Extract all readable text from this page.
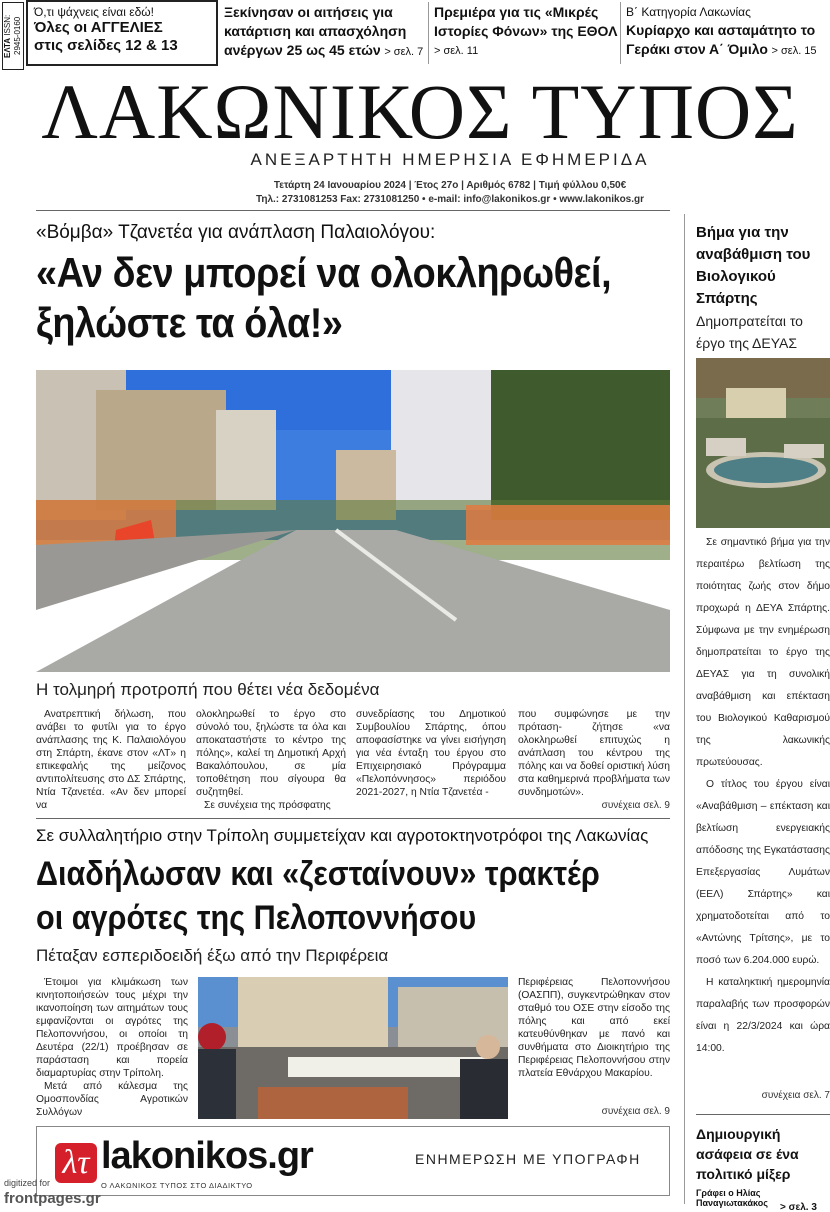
ΕΛΤΑ ISSN: 2945-0160
Ό,τι ψάχνεις είναι εδώ!
Όλες οι ΑΓΓΕΛΙΕΣ
στις σελίδες 12 & 13
Ξεκίνησαν οι αιτήσεις για κατάρτιση και απασχόληση ανέργων 25 ως 45 ετών > σελ. 7
Πρεμιέρα για τις «Μικρές Ιστορίες Φόνων» της ΕΘΟΛ > σελ. 11
Β΄ Κατηγορία Λακωνίας
Κυρίαρχο και ασταμάτητο το Γεράκι στον Α΄ Όμιλο > σελ. 15
ΛΑΚΩΝΙΚΟΣ ΤΥΠΟΣ
ΑΝΕΞΑΡΤΗΤΗ ΗΜΕΡΗΣΙΑ ΕΦΗΜΕΡΙΔΑ
Τετάρτη 24 Ιανουαρίου 2024 | Έτος 27ο | Αριθμός 6782 | Τιμή φύλλου 0,50€
Τηλ.: 2731081253 Fax: 2731081250 • e-mail: info@lakonikos.gr • www.lakonikos.gr
«Βόμβα» Τζανετέα για ανάπλαση Παλαιολόγου:
«Αν δεν μπορεί να ολοκληρωθεί, ξηλώστε τα όλα!»
Η τολμηρή προτροπή που θέτει νέα δεδομένα

Ανατρεπτική δήλωση, που ανάβει το φυτίλι για το έργο ανάπλασης της Κ. Παλαιολόγου στη Σπάρτη, έκανε στον «ΛΤ» η επικεφαλής της μείζονος αντιπολίτευσης στο ΔΣ Σπάρτης, Ντία Τζανετέα. «Αν δεν μπορεί να

ολοκληρωθεί το έργο στο σύνολό του, ξηλώστε τα όλα και αποκαταστήστε το κέντρο της πόλης», καλεί τη Δημοτική Αρχή Βακαλόπουλου, σε μία τοποθέτηση που σίγουρα θα συζητηθεί.

Σε συνέχεια της πρόσφατης

συνεδρίασης του Δημοτικού Συμβουλίου Σπάρτης, όπου αποφασίστηκε να γίνει εισήγηση για νέα ένταξη του έργου στο Επιχειρησιακό Πρόγραμμα «Πελοπόννησος» περιόδου 2021-2027, η Ντία Τζανετέα -

που συμφώνησε με την πρόταση- ζήτησε «να ολοκληρωθεί επιτυχώς η ανάπλαση του κέντρου της πόλης και να δοθεί οριστική λύση στα καθημερινά προβλήματα των συνδημοτών».

συνέχεια σελ. 9
Σε συλλαλητήριο στην Τρίπολη συμμετείχαν και αγροτοκτηνοτρόφοι της Λακωνίας
Διαδήλωσαν και «ζεσταίνουν» τρακτέρ οι αγρότες της Πελοποννήσου
Πέταξαν εσπεριδοειδή έξω από την Περιφέρεια

Έτοιμοι για κλιμάκωση των κινητοποιήσεών τους μέχρι την ικανοποίηση των αιτημάτων τους εμφανίζονται οι αγρότες της Πελοποννήσου, οι οποίοι τη Δευτέρα (22/1) προέβησαν σε παράσταση και πορεία διαμαρτυρίας στην Τρίπολη.

Μετά από κάλεσμα της Ομοσπονδίας Αγροτικών Συλλόγων

Περιφέρειας Πελοποννήσου (ΟΑΣΠΠ), συγκεντρώθηκαν στον σταθμό του ΟΣΕ στην είσοδο της πόλης και από εκεί κατευθύνθηκαν με πανό και συνθήματα στο Διοικητήριο της Περιφέρειας Πελοποννήσου στην πλατεία Εθνάρχου Μακαρίου.

συνέχεια σελ. 9
Βήμα για την αναβάθμιση του Βιολογικού Σπάρτης
Δημοπρατείται το έργο της ΔΕΥΑΣ

Σε σημαντικό βήμα για την περαιτέρω βελτίωση της ποιότητας ζωής στον δήμο προχωρά η ΔΕΥΑ Σπάρτης. Σύμφωνα με την ενημέρωση δημοπρατείται το έργο της ΔΕΥΑΣ για τη συνολική αναβάθμιση και επέκταση του Βιολογικού Καθαρισμού της λακωνικής πρωτεύουσας.

Ο τίτλος του έργου είναι «Αναβάθμιση – επέκταση και βελτίωση ενεργειακής απόδοσης της Εγκατάστασης Επεξεργασίας Λυμάτων (ΕΕΛ) Σπάρτης» και χρηματοδοτείται από το «Αντώνης Τρίτσης», με το ποσό των 6.204.000 ευρώ.

Η καταληκτική ημερομηνία παραλαβής των προσφορών είναι η 22/3/2024 και ώρα 14:00.

συνέχεια σελ. 7
Δημιουργική ασάφεια σε ένα πολιτικό μίξερ
Γράφει ο Ηλίας Παναγιωτακάκος	> σελ. 3
λτ lakonikos.gr
Ο ΛΑΚΩΝΙΚΟΣ ΤΥΠΟΣ ΣΤΟ ΔΙΑΔΙΚΤΥΟ
ΕΝΗΜΕΡΩΣΗ ΜΕ ΥΠΟΓΡΑΦΗ
digitized for
frontpages.gr
